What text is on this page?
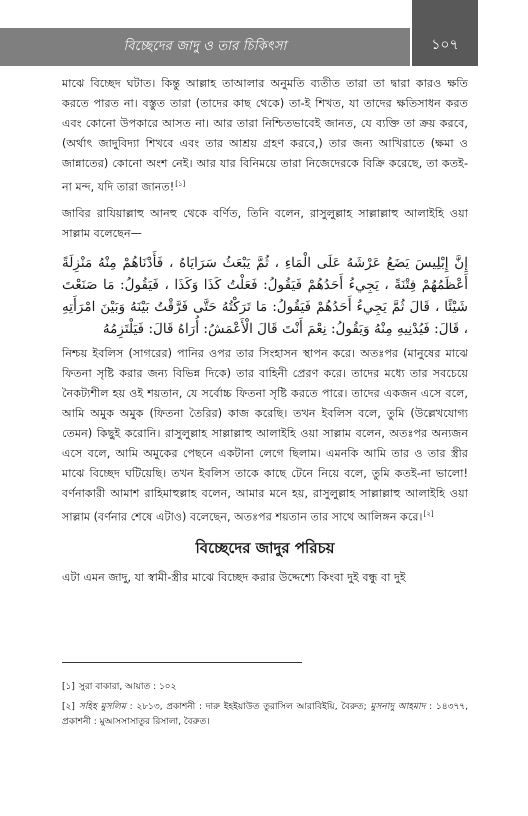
বিচ্ছেদের জাদু ও তার চিকিৎসা	১০৭

মাঝে বিচ্ছেদ ঘটাত। কিন্তু আল্লাহ তাআলার অনুমতি ব্যতীত তারা তা দ্বারা কারও ক্ষতি করতে পারত না। বস্তুত তারা (তাদের কাছ থেকে) তা-ই শিখত, যা তাদের ক্ষতিসাধন করত এবং কোনো উপকারে আসত না। আর তারা নিশ্চিতভাবেই জানত, যে ব্যক্তি তা ক্রয় করবে, (অর্থাৎ জাদুবিদ্যা শিখবে এবং তার আশ্রয় গ্রহণ করবে,) তার জন্য আখিরাতে (ক্ষমা ও জান্নাতের) কোনো অংশ নেই। আর যার বিনিময়ে তারা নিজেদেরকে বিক্রি করেছে, তা কতই-না মন্দ, যদি তারা জানত![১]

জাবির রাযিয়াল্লাহু আনহু থেকে বর্ণিত, তিনি বলেন, রাসুলুল্লাহ সাল্লাল্লাহু আলাইহি ওয়া সাল্লাম বলেছেন—

إِنَّ إِبْلِيسَ يَضَعُ عَرْشَهُ عَلَى الْمَاءِ ، ثُمَّ يَبْعَثُ سَرَايَاهُ ، فَأَدْنَاهُمْ مِنْهُ مَنْزِلَةً أَعْظَمُهُمْ فِتْنَةً ، يَجِيءُ أَحَدُهُمْ فَيَقُولُ: فَعَلْتُ كَذَا وَكَذَا ، فَيَقُولُ: مَا صَنَعْتَ شَيْئًا ، قَالَ ثُمَّ يَجِيءُ أَحَدُهُمْ فَيَقُولُ: مَا تَرَكْتُهُ حَتَّى فَرَّقْتُ بَيْنَهُ وَبَيْنَ امْرَأَتِهِ ، قَالَ: فَيُدْنِيهِ مِنْهُ وَيَقُولُ: نِعْمَ أَنْتَ قَالَ الْأَعْمَشُ: أُرَاهُ قَالَ: فَيَلْتَزِمُهُ

নিশ্চয় ইবলিস (সাগরের) পানির ওপর তার সিংহাসন স্থাপন করে। অতঃপর (মানুষের মাঝে ফিতনা সৃষ্টি করার জন্য বিভিন্ন দিকে) তার বাহিনী প্রেরণ করে। তাদের মধ্যে তার সবচেয়ে নৈকট্যশীল হয় ওই শয়তান, যে সর্বোচ্চ ফিতনা সৃষ্টি করতে পারে। তাদের একজন এসে বলে, আমি অমুক অমুক (ফিতনা তৈরির) কাজ করেছি। তখন ইবলিস বলে, তুমি (উল্লেখযোগ্য তেমন) কিছুই করোনি। রাসুলুল্লাহ সাল্লাল্লাহু আলাইহি ওয়া সাল্লাম বলেন, অতঃপর অন্যজন এসে বলে, আমি অমুকের পেছনে একটানা লেগে ছিলাম। এমনকি আমি তার ও তার স্ত্রীর মাঝে বিচ্ছেদ ঘটিয়েছি। তখন ইবলিস তাকে কাছে টেনে নিয়ে বলে, তুমি কতই-না ভালো! বর্ণনাকারী আমাশ রাহিমাহুল্লাহ বলেন, আমার মনে হয়, রাসুলুল্লাহ সাল্লাল্লাহু আলাইহি ওয়া সাল্লাম (বর্ণনার শেষে এটাও) বলেছেন, অতঃপর শয়তান তার সাথে আলিঙ্গন করে।[২]

বিচ্ছেদের জাদুর পরিচয়

এটা এমন জাদু, যা স্বামী-স্ত্রীর মাঝে বিচ্ছেদ করার উদ্দেশ্যে কিংবা দুই বন্ধু বা দুই

[১] সুরা বাকারা, আয়াত : ১০২

[২] সহিহ মুসলিম : ২৮১৩, প্রকাশনী : দারু ইহইয়াউত তুরাসিল আরাবিইয়ি, বৈরুত; মুসনাদু আহমাদ : ১৪৩৭৭, প্রকাশনী : মুআসসাসাতুর রিসালা, বৈরুত।
